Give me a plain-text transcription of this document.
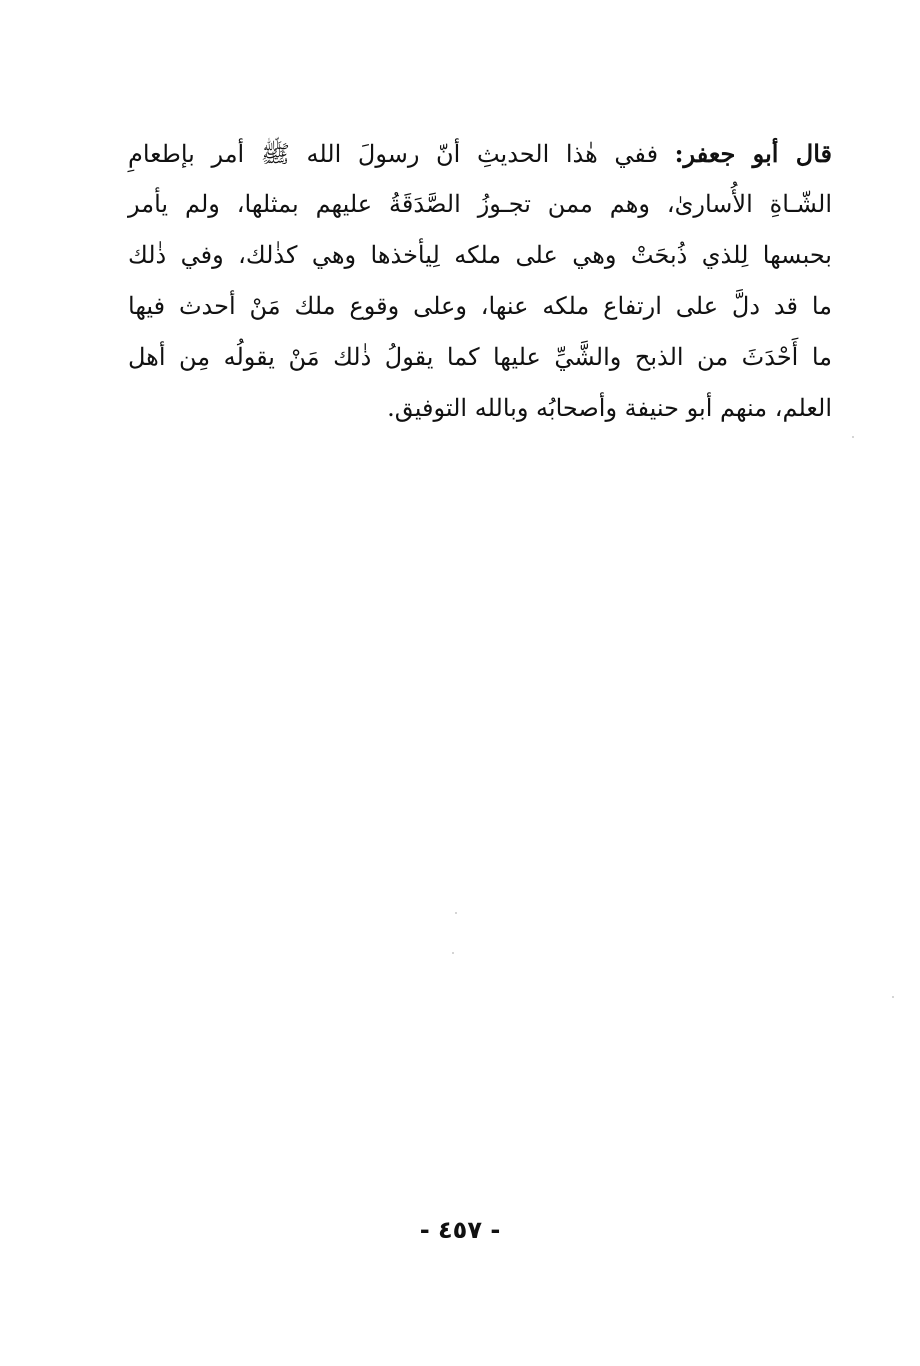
قال أبو جعفر: ففي هٰذا الحديثِ أنّ رسولَ الله ﷺ أمر بإطعامِ
الشّـاةِ الأُسارىٰ، وهم ممن تجـوزُ الصَّدَقَةُ عليهم بمثلها، ولم يأمر
بحبسها لِلذي ذُبحَتْ وهي على ملكه لِيأخذها وهي كذٰلك، وفي ذٰلك
ما قد دلَّ على ارتفاع ملكه عنها، وعلى وقوع ملك مَنْ أحدث فيها
ما أَحْدَثَ من الذبح والشَّيِّ عليها كما يقولُ ذٰلك مَنْ يقولُه مِن أهل
العلم، منهم أبو حنيفة وأصحابُه وبالله التوفيق.
- ٤٥٧ -
